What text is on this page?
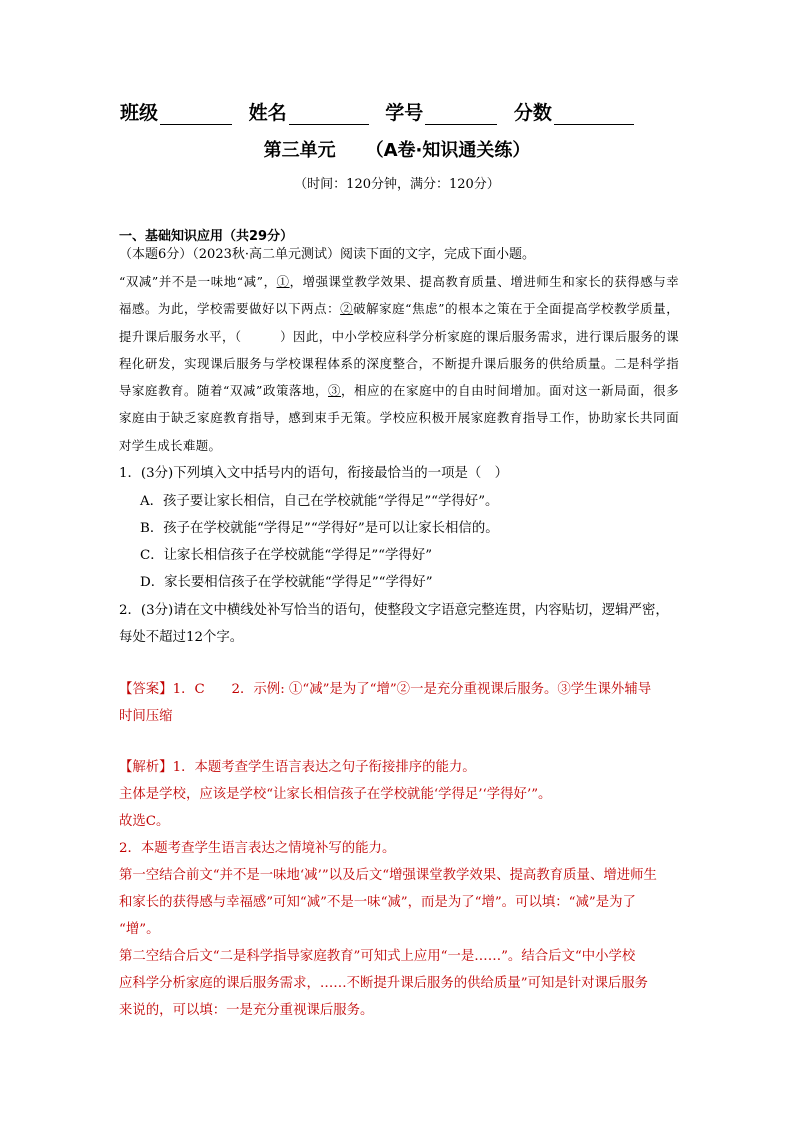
班级	姓名	学号	分数
第三单元 （A卷·知识通关练）
（时间：120分钟，满分：120分）
一、基础知识应用（共29分）
（本题6分）（2023秋·高二单元测试）阅读下面的文字，完成下面小题。

“双减”并不是一味地“减”，①，增强课堂教学效果、提高教育质量、增进师生和家长的获得感与幸福感。为此，学校需要做好以下两点：②破解家庭“焦虑”的根本之策在于全面提高学校教学质量，提升课后服务水平，（　　　）因此，中小学校应科学分析家庭的课后服务需求，进行课后服务的课程化研发，实现课后服务与学校课程体系的深度整合，不断提升课后服务的供给质量。二是科学指导家庭教育。随着“双减”政策落地，③，相应的在家庭中的自由时间增加。面对这一新局面，很多家庭由于缺乏家庭教育指导，感到束手无策。学校应积极开展家庭教育指导工作，协助家长共同面对学生成长难题。

1．(3分)下列填入文中括号内的语句，衔接最恰当的一项是（　）
A．孩子要让家长相信，自己在学校就能“学得足”“学得好”。
B．孩子在学校就能“学得足”“学得好”是可以让家长相信的。
C．让家长相信孩子在学校就能“学得足”“学得好”
D．家长要相信孩子在学校就能“学得足”“学得好”
2．(3分)请在文中横线处补写恰当的语句，使整段文字语意完整连贯，内容贴切，逻辑严密，
每处不超过12个字。
【答案】1．C　　2．示例: ①“减”是为了“增”②一是充分重视课后服务。③学生课外辅导
时间压缩

【解析】1．本题考查学生语言表达之句子衔接排序的能力。

主体是学校，应该是学校“让家长相信孩子在学校就能‘学得足’‘学得好’”。

故选C。

2．本题考查学生语言表达之情境补写的能力。

第一空结合前文“并不是一味地‘减’”以及后文“增强课堂教学效果、提高教育质量、增进师生

和家长的获得感与幸福感”可知“减”不是一味“减”，而是为了“增”。可以填：“减”是为了

“增”。

第二空结合后文“二是科学指导家庭教育”可知式上应用“一是……”。结合后文“中小学校

应科学分析家庭的课后服务需求，……不断提升课后服务的供给质量”可知是针对课后服务

来说的，可以填：一是充分重视课后服务。
